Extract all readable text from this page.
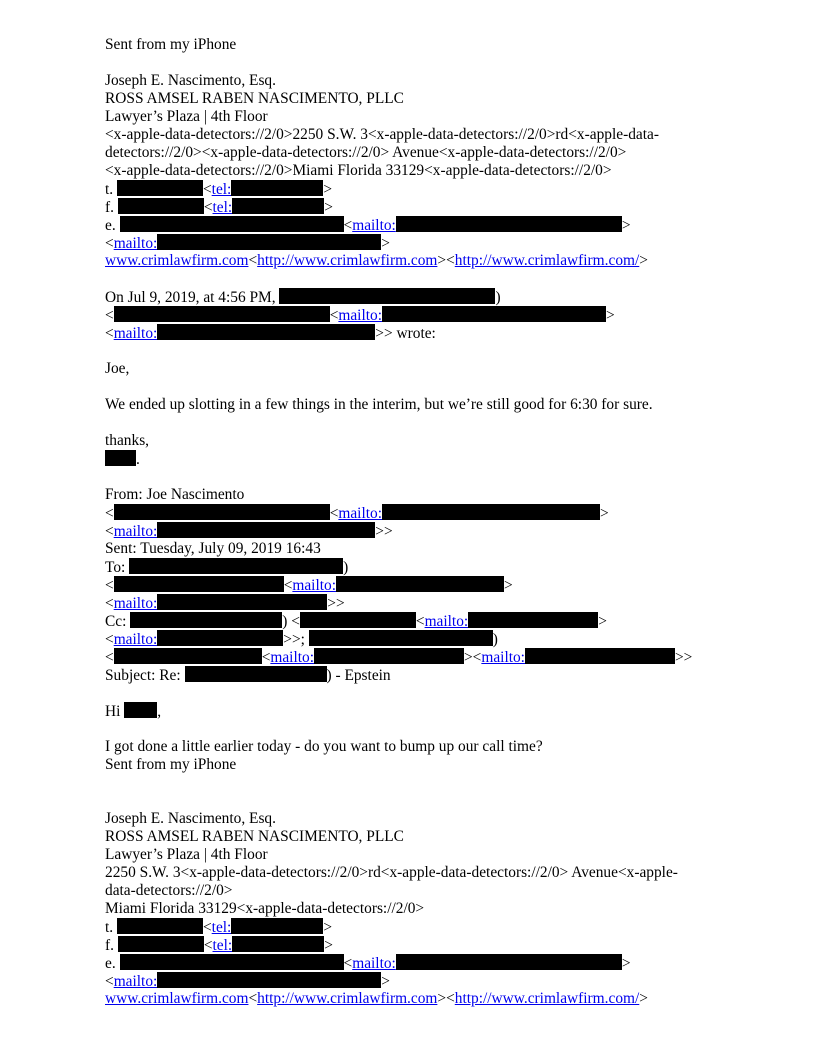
Sent from my iPhone
Joseph E. Nascimento, Esq.
ROSS AMSEL RABEN NASCIMENTO, PLLC
Lawyer’s Plaza | 4th Floor
<x-apple-data-detectors://2/0>2250 S.W. 3<x-apple-data-detectors://2/0>rd<x-apple-data-
detectors://2/0><x-apple-data-detectors://2/0> Avenue<x-apple-data-detectors://2/0>
<x-apple-data-detectors://2/0>Miami Florida 33129<x-apple-data-detectors://2/0>
t.	<tel:	>
f.	<tel:	>
e.	<mailto:	>
<mailto:	>
www.crimlawfirm.com<http://www.crimlawfirm.com><http://www.crimlawfirm.com/>
On Jul 9, 2019, at 4:56 PM,	)
<	<mailto:	>
<mailto:	>> wrote:
Joe,
We ended up slotting in a few things in the interim, but we’re still good for 6:30 for sure.
thanks,
.
From: Joe Nascimento
<	<mailto:	>
<mailto:	>>
Sent: Tuesday, July 09, 2019 16:43
To:	)
<	<mailto:	>
<mailto:	>>
Cc:	) <	<mailto:	>
<mailto:	>>;	)
<	<mailto:	><mailto:	>>
Subject: Re:	) - Epstein
Hi ,
I got done a little earlier today - do you want to bump up our call time?
Sent from my iPhone
Joseph E. Nascimento, Esq.
ROSS AMSEL RABEN NASCIMENTO, PLLC
Lawyer’s Plaza | 4th Floor
2250 S.W. 3<x-apple-data-detectors://2/0>rd<x-apple-data-detectors://2/0> Avenue<x-apple-
data-detectors://2/0>
Miami Florida 33129<x-apple-data-detectors://2/0>
t.	<tel:	>
f.	<tel:	>
e.	<mailto:	>
<mailto:	>
www.crimlawfirm.com<http://www.crimlawfirm.com><http://www.crimlawfirm.com/>
